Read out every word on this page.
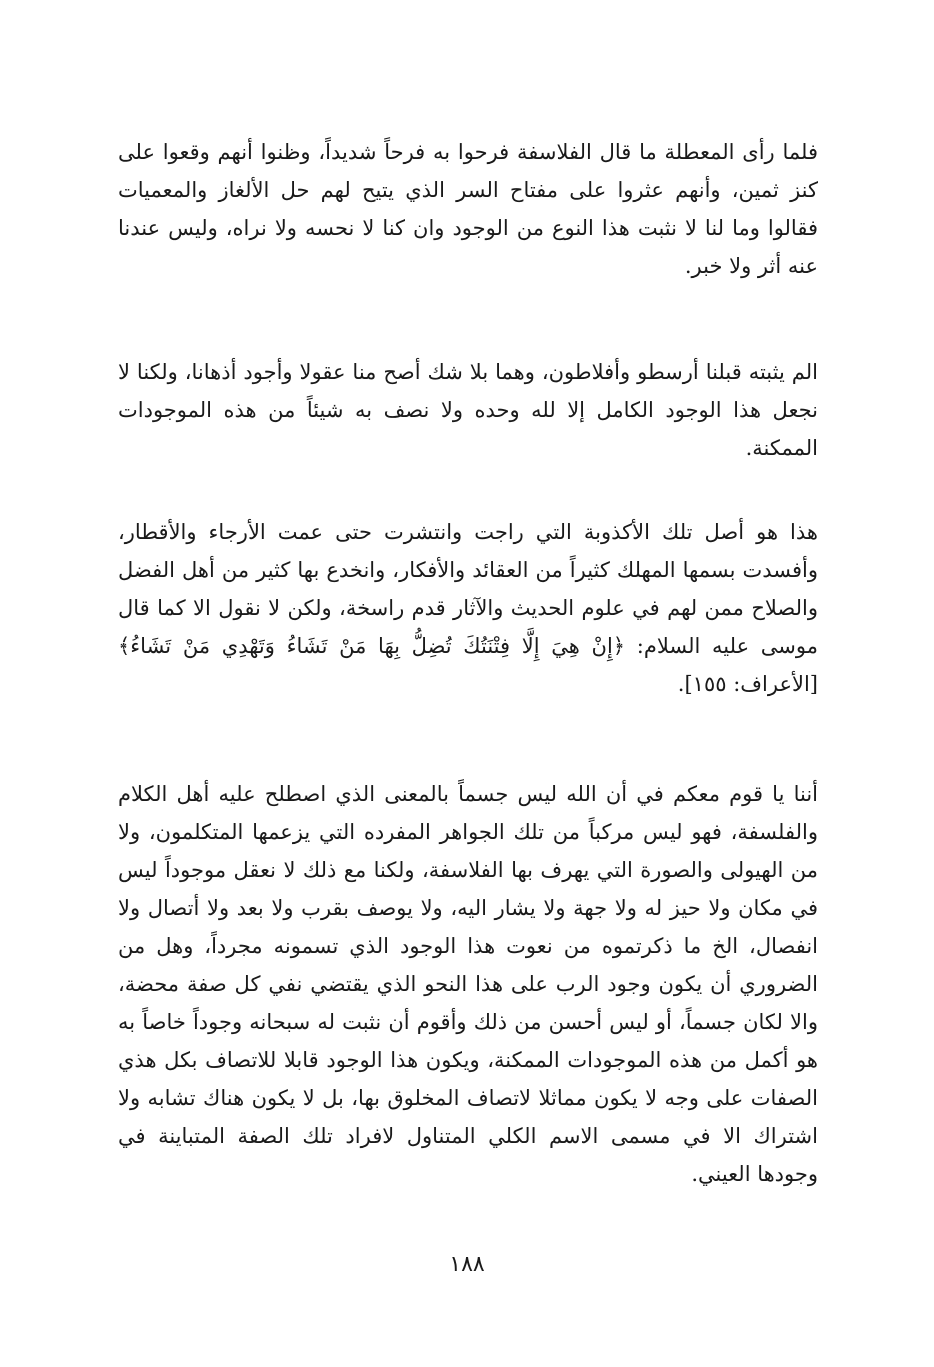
فلما رأى المعطلة ما قال الفلاسفة فرحوا به فرحاً شديداً، وظنوا أنهم وقعوا على كنز ثمين، وأنهم عثروا على مفتاح السر الذي يتيح لهم حل الألغاز والمعميات فقالوا وما لنا لا نثبت هذا النوع من الوجود وان كنا لا نحسه ولا نراه، وليس عندنا عنه أثر ولا خبر.

الم يثبته قبلنا أرسطو وأفلاطون، وهما بلا شك أصح منا عقولا وأجود أذهانا، ولكنا لا نجعل هذا الوجود الكامل إلا لله وحده ولا نصف به شيئاً من هذه الموجودات الممكنة.

هذا هو أصل تلك الأكذوبة التي راجت وانتشرت حتى عمت الأرجاء والأقطار، وأفسدت بسمها المهلك كثيراً من العقائد والأفكار، وانخدع بها كثير من أهل الفضل والصلاح ممن لهم في علوم الحديث والآثار قدم راسخة، ولكن لا نقول الا كما قال موسى عليه السلام: ﴿إِنْ هِيَ إِلَّا فِتْنَتُكَ تُضِلُّ بِهَا مَنْ تَشَاءُ وَتَهْدِي مَنْ تَشَاءُ﴾ [الأعراف: ١٥٥].

أننا يا قوم معكم في أن الله ليس جسماً بالمعنى الذي اصطلح عليه أهل الكلام والفلسفة، فهو ليس مركباً من تلك الجواهر المفرده التي يزعمها المتكلمون، ولا من الهيولى والصورة التي يهرف بها الفلاسفة، ولكنا مع ذلك لا نعقل موجوداً ليس في مكان ولا حيز له ولا جهة ولا يشار اليه، ولا يوصف بقرب ولا بعد ولا أتصال ولا انفصال، الخ ما ذكرتموه من نعوت هذا الوجود الذي تسمونه مجرداً، وهل من الضروري أن يكون وجود الرب على هذا النحو الذي يقتضي نفي كل صفة محضة، والا لكان جسماً، أو ليس أحسن من ذلك وأقوم أن نثبت له سبحانه وجوداً خاصاً به هو أكمل من هذه الموجودات الممكنة، ويكون هذا الوجود قابلا للاتصاف بكل هذي الصفات على وجه لا يكون مماثلا لاتصاف المخلوق بها، بل لا يكون هناك تشابه ولا اشتراك الا في مسمى الاسم الكلي المتناول لافراد تلك الصفة المتباينة في وجودها العيني.

١٨٨
